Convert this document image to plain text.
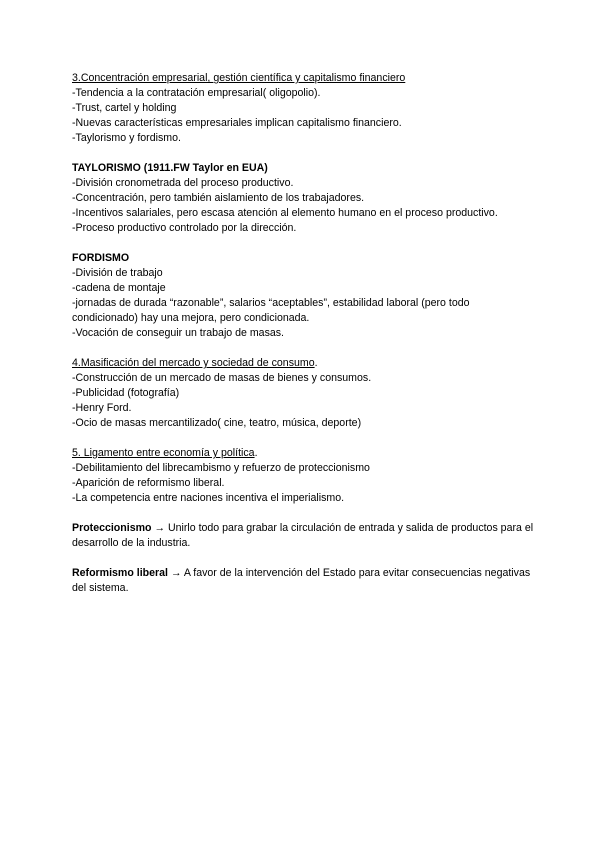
3.Concentración empresarial, gestión científica y capitalismo financiero
-Tendencia a la contratación empresarial( oligopolio).
-Trust, cartel y holding
-Nuevas características empresariales implican capitalismo financiero.
-Taylorismo y fordismo.
TAYLORISMO (1911.FW Taylor en EUA)
-División cronometrada del proceso productivo.
-Concentración, pero también aislamiento de los trabajadores.
-Incentivos salariales, pero escasa atención al elemento humano en el proceso productivo.
-Proceso productivo controlado por la dirección.
FORDISMO
-División de trabajo
-cadena de montaje
-jornadas de durada “razonable”, salarios “aceptables”, estabilidad laboral (pero todo
condicionado) hay una mejora, pero condicionada.
-Vocación de conseguir un trabajo de masas.
4.Masificación del mercado y sociedad de consumo.
-Construcción de un mercado de masas de bienes y consumos.
-Publicidad (fotografía)
-Henry Ford.
-Ocio de masas mercantilizado( cine, teatro, música, deporte)
5. Ligamento entre economía y política.
-Debilitamiento del librecambismo y refuerzo de proteccionismo
-Aparición de reformismo liberal.
-La competencia entre naciones incentiva el imperialismo.
Proteccionismo → Unirlo todo para grabar la circulación de entrada y salida de productos para el desarrollo de la industria.
Reformismo liberal → A favor de la intervención del Estado para evitar consecuencias negativas del sistema.
